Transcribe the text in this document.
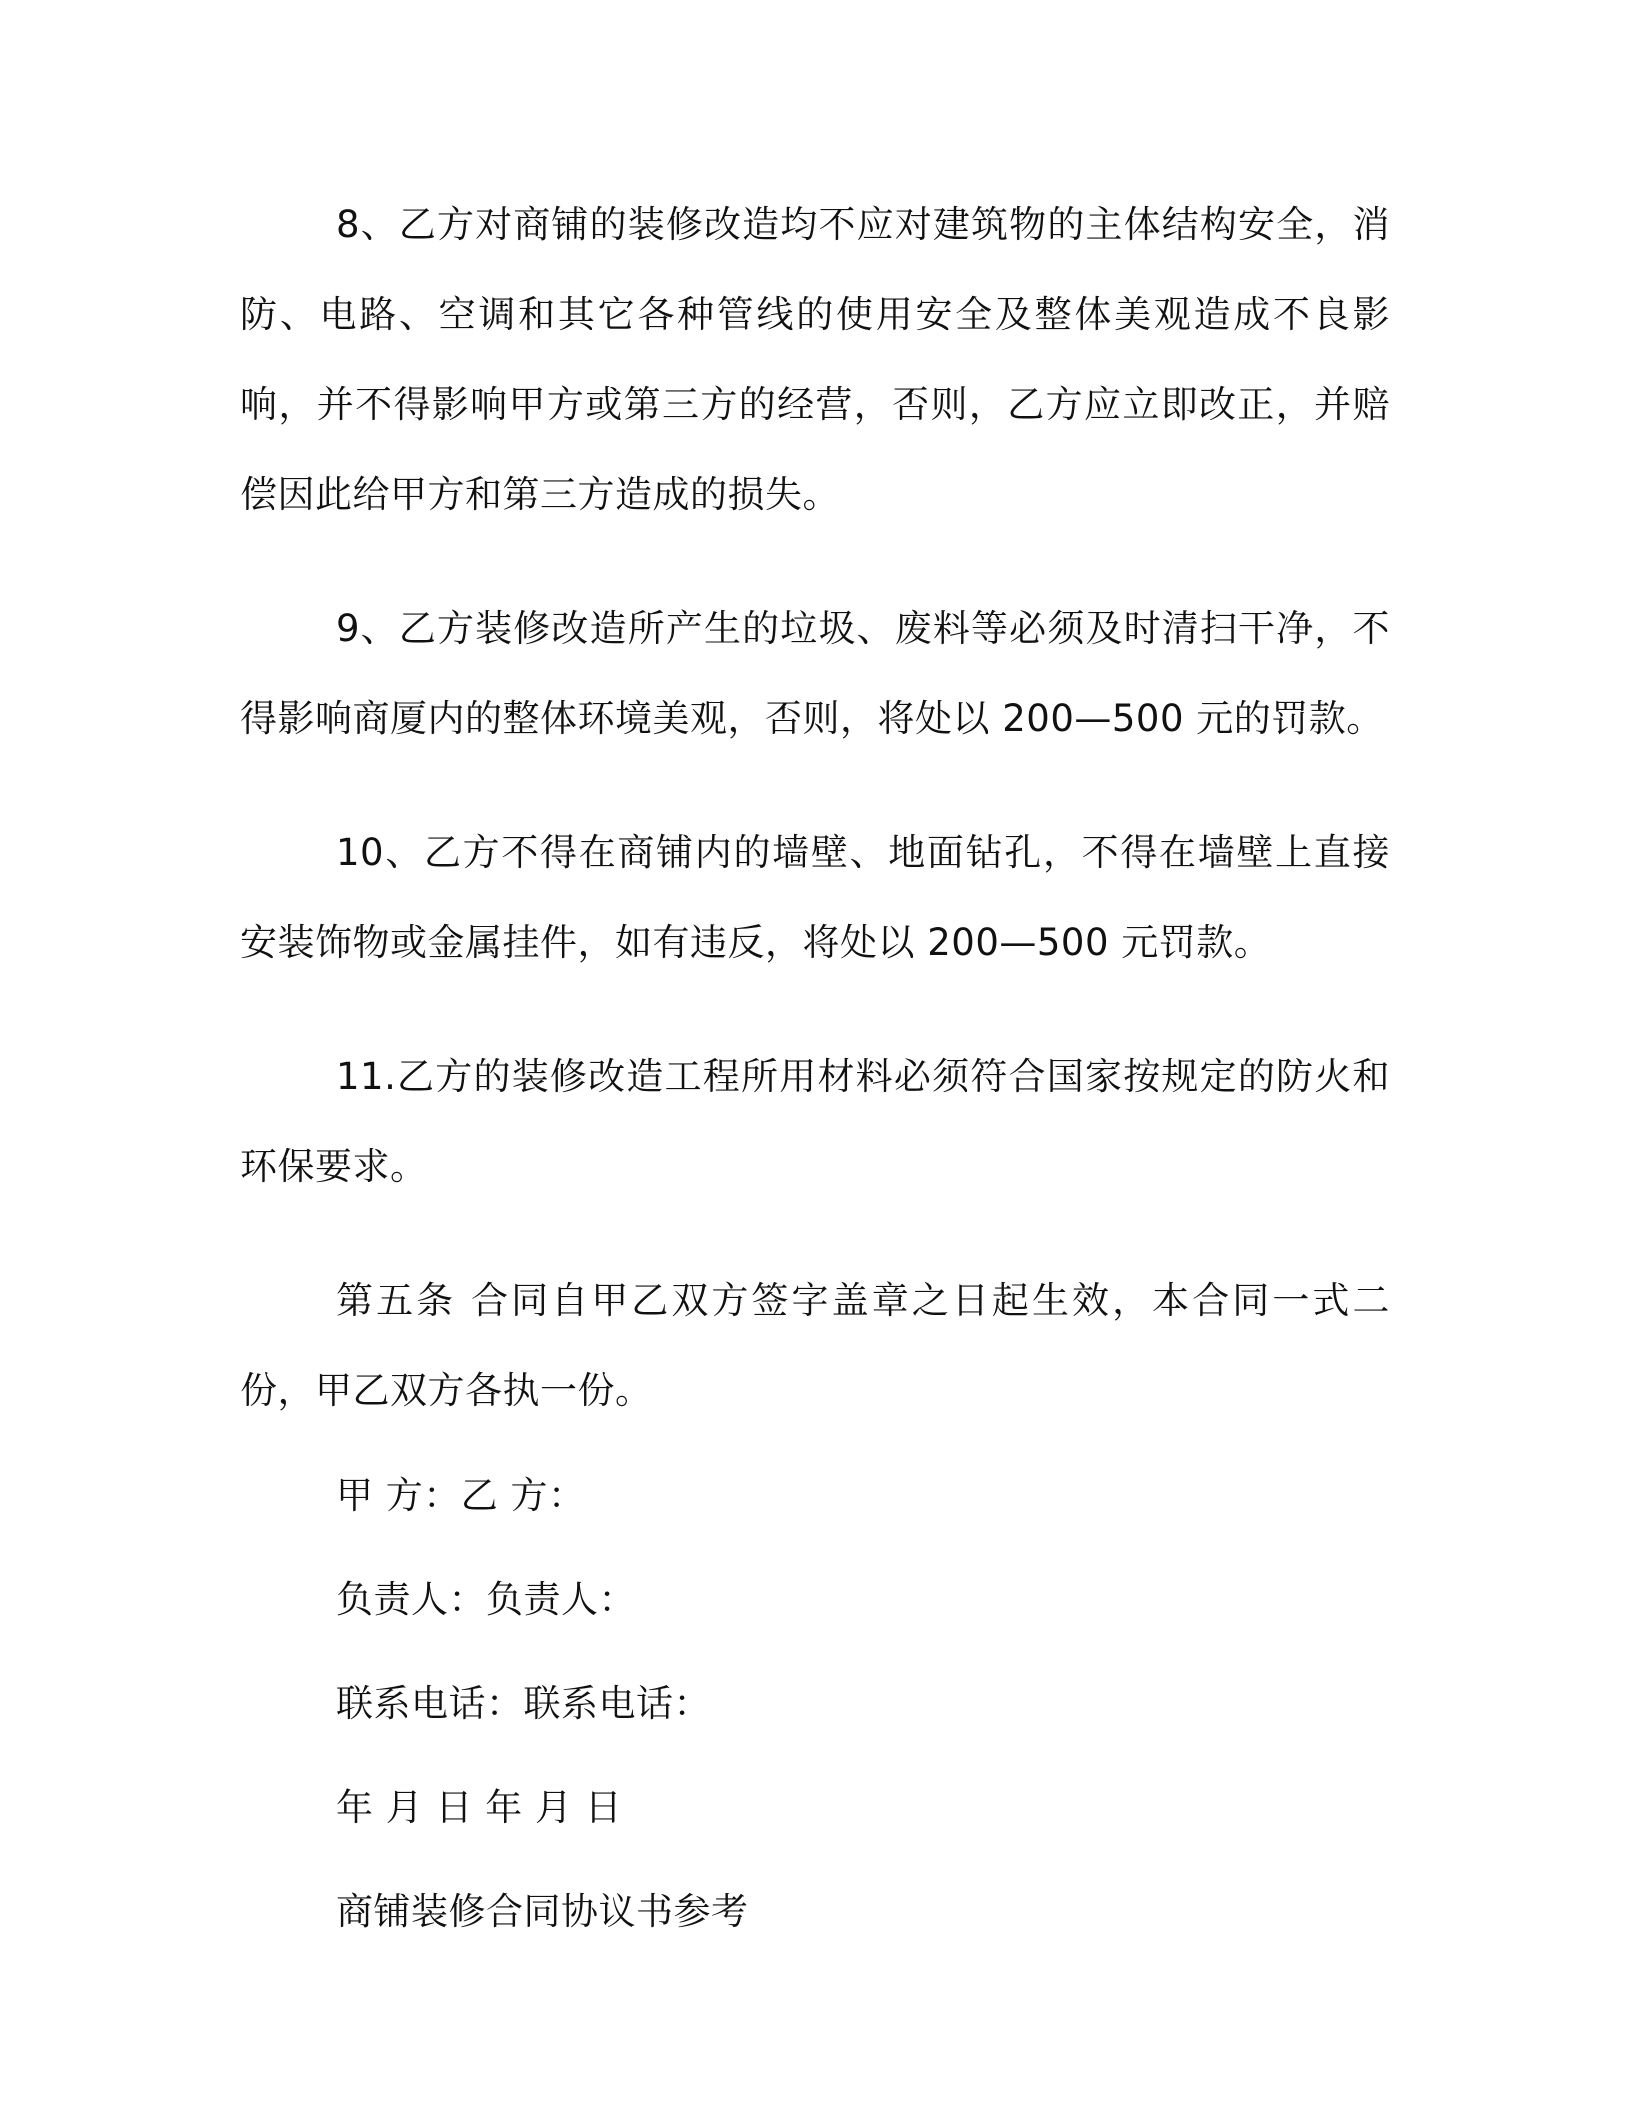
8、乙方对商铺的装修改造均不应对建筑物的主体结构安全，消防、电路、空调和其它各种管线的使用安全及整体美观造成不良影响，并不得影响甲方或第三方的经营，否则，乙方应立即改正，并赔偿因此给甲方和第三方造成的损失。

9、乙方装修改造所产生的垃圾、废料等必须及时清扫干净，不得影响商厦内的整体环境美观，否则，将处以 200—500 元的罚款。

10、乙方不得在商铺内的墙壁、地面钻孔，不得在墙壁上直接安装饰物或金属挂件，如有违反，将处以 200—500 元罚款。

11.乙方的装修改造工程所用材料必须符合国家按规定的防火和环保要求。

第五条 合同自甲乙双方签字盖章之日起生效，本合同一式二份，甲乙双方各执一份。

甲 方：乙 方：

负责人：负责人：

联系电话：联系电话：

年 月 日 年 月 日

商铺装修合同协议书参考
